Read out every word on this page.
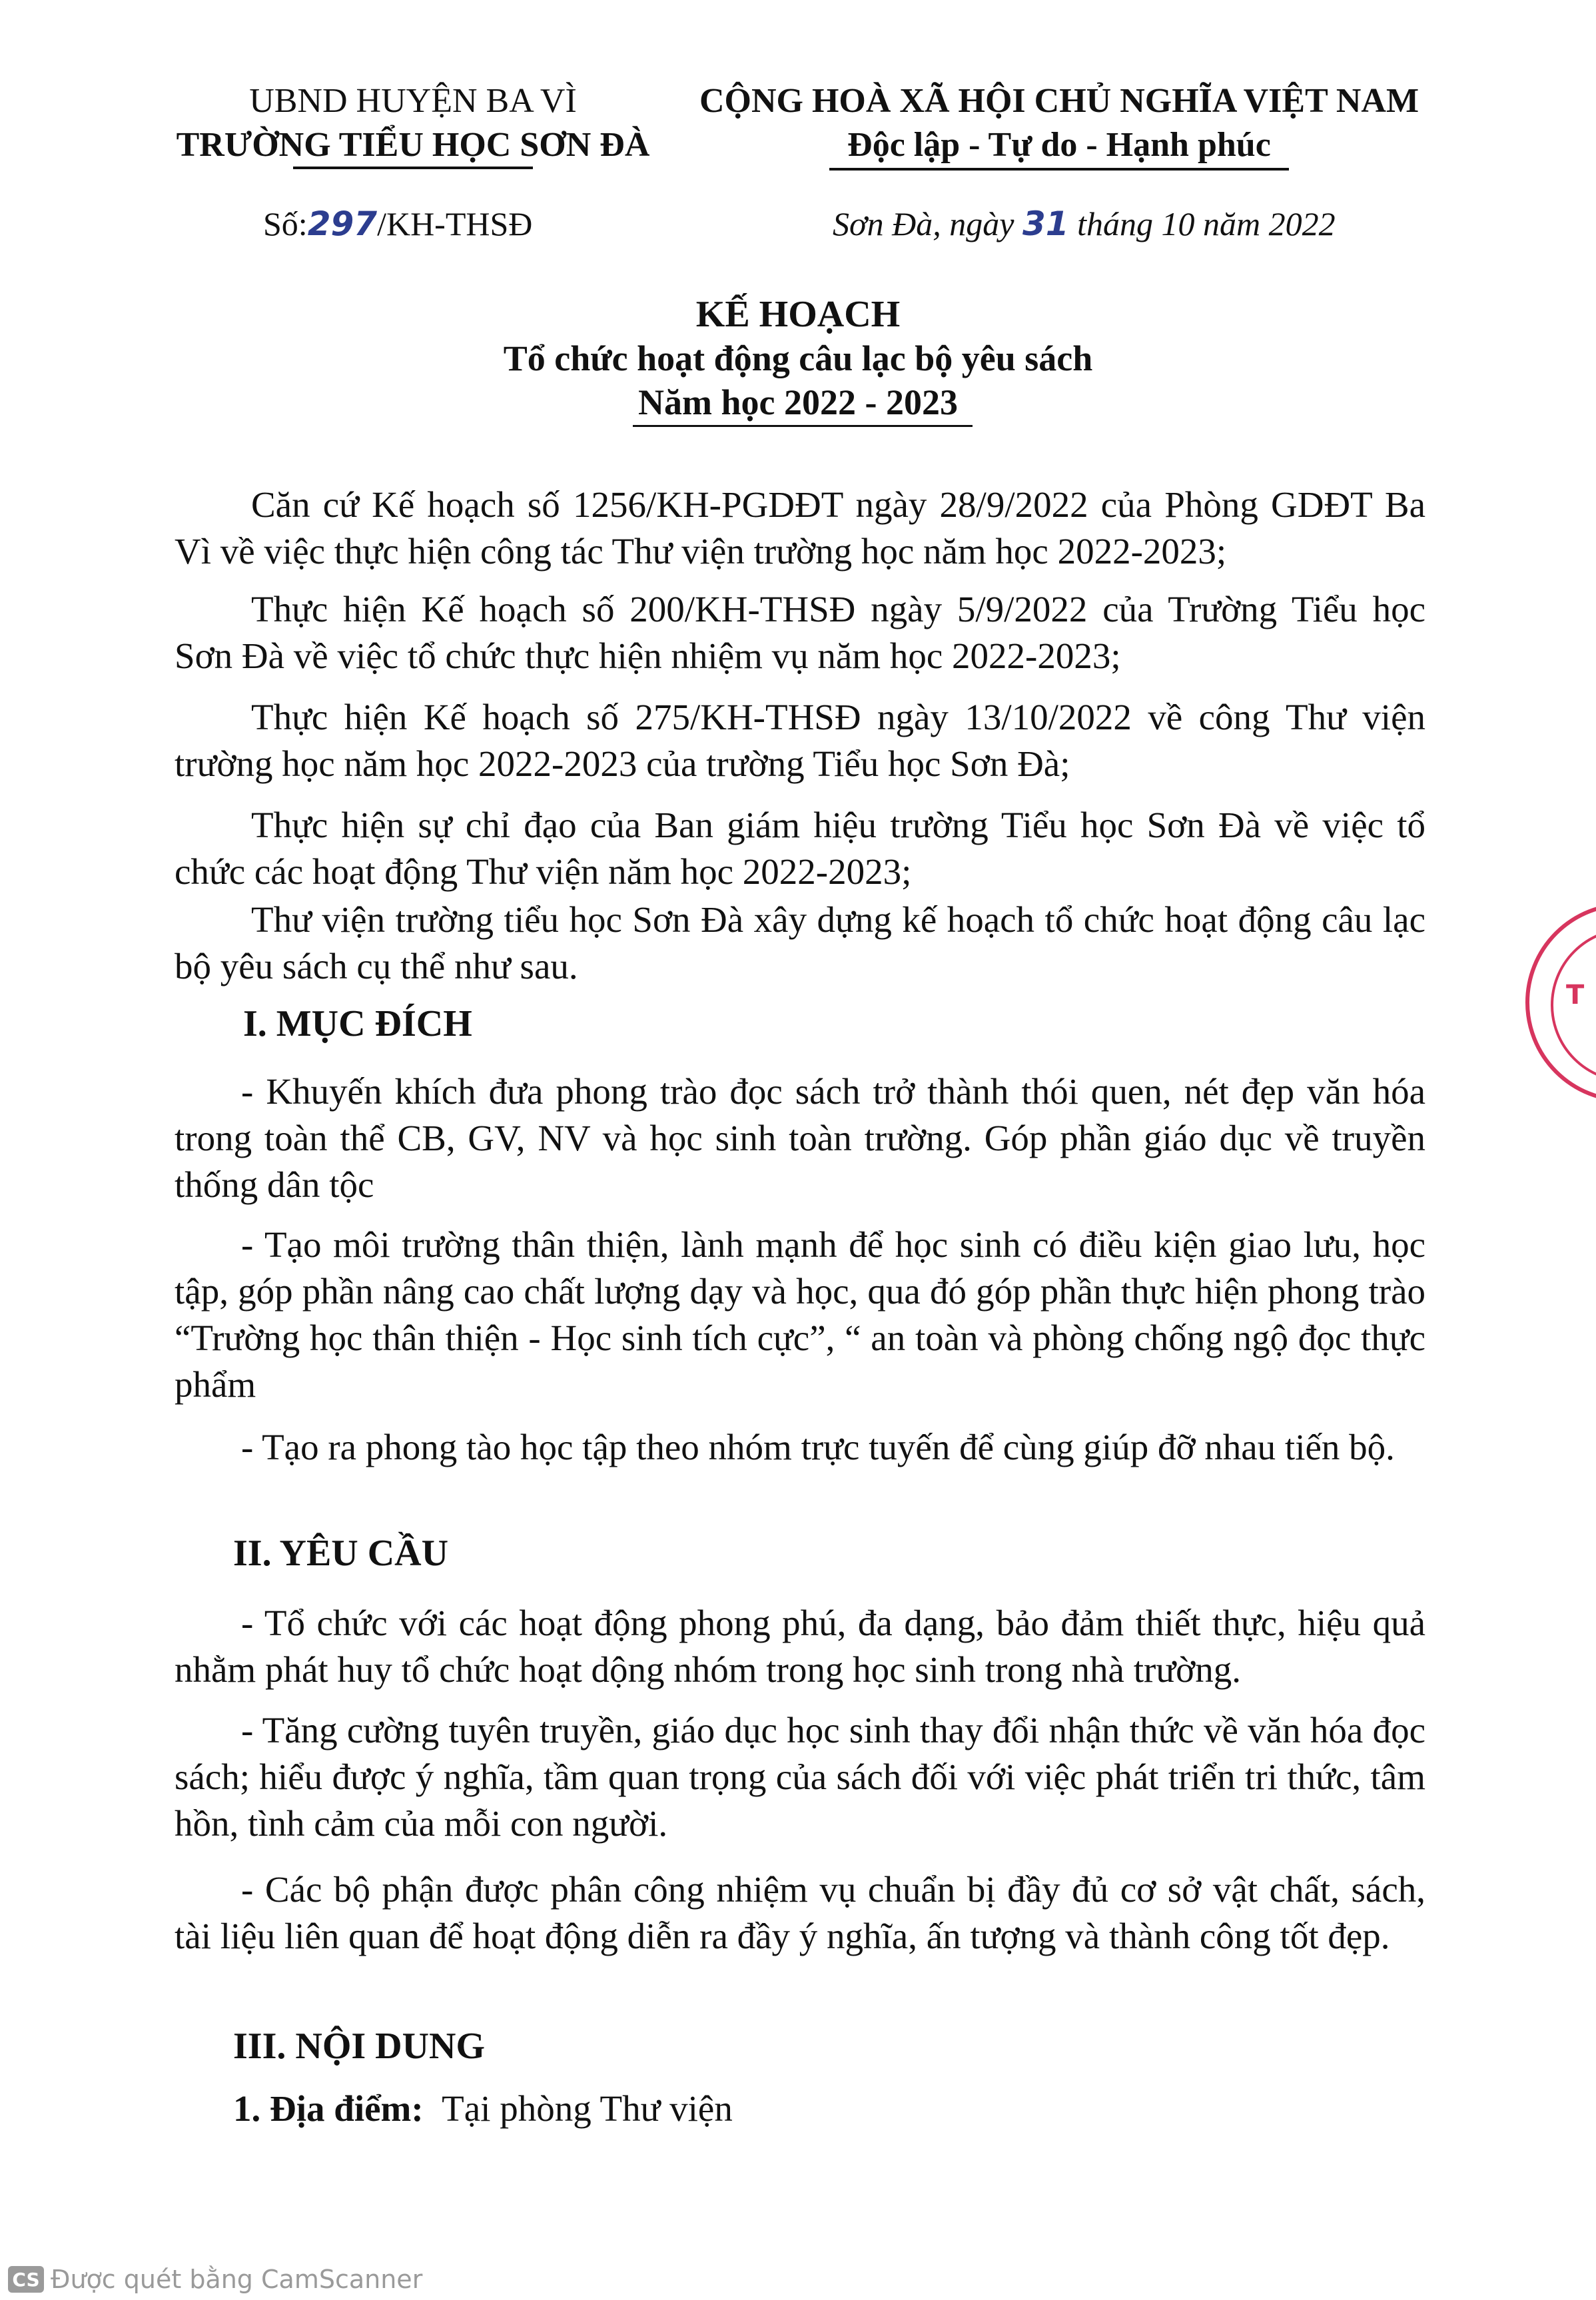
UBND HUYỆN BA VÌ
TRƯỜNG TIỂU HỌC SƠN ĐÀ
CỘNG HOÀ XÃ HỘI CHỦ NGHĨA VIỆT NAM
Độc lập - Tự do - Hạnh phúc
Số:297/KH-THSĐ	Sơn Đà, ngày 31 tháng 10 năm 2022
KẾ HOẠCH
Tổ chức hoạt động câu lạc bộ yêu sách
Năm học 2022 - 2023
Căn cứ Kế hoạch số 1256/KH-PGDĐT ngày 28/9/2022 của Phòng GDĐT Ba Vì về việc thực hiện công tác Thư viện trường học năm học 2022-2023;
Thực hiện Kế hoạch số 200/KH-THSĐ ngày 5/9/2022 của Trường Tiểu học Sơn Đà về việc tổ chức thực hiện nhiệm vụ năm học 2022-2023;
Thực hiện Kế hoạch số 275/KH-THSĐ ngày 13/10/2022 về công Thư viện trường học năm học 2022-2023 của trường Tiểu học Sơn Đà;
Thực hiện sự chỉ đạo của Ban giám hiệu trường Tiểu học Sơn Đà về việc tổ chức các hoạt động Thư viện năm học 2022-2023;
Thư viện trường tiểu học Sơn Đà xây dựng kế hoạch tổ chức hoạt động câu lạc bộ yêu sách cụ thể như sau.
I. MỤC ĐÍCH
- Khuyến khích đưa phong trào đọc sách trở thành thói quen, nét đẹp văn hóa trong toàn thể CB, GV, NV và học sinh toàn trường. Góp phần giáo dục về truyền thống dân tộc
- Tạo môi trường thân thiện, lành mạnh để học sinh có điều kiện giao lưu, học tập, góp phần nâng cao chất lượng dạy và học, qua đó góp phần thực hiện phong trào “Trường học thân thiện - Học sinh tích cực”, “ an toàn và phòng chống ngộ đọc thực phẩm
- Tạo ra phong tào học tập theo nhóm trực tuyến để cùng giúp đỡ nhau tiến bộ.
II. YÊU CẦU
- Tổ chức với các hoạt động phong phú, đa dạng, bảo đảm thiết thực, hiệu quả nhằm phát huy tổ chức hoạt dộng nhóm trong học sinh trong nhà trường.
- Tăng cường tuyên truyền, giáo dục học sinh thay đổi nhận thức về văn hóa đọc sách; hiểu được ý nghĩa, tầm quan trọng của sách đối với việc phát triển tri thức, tâm hồn, tình cảm của mỗi con người.
- Các bộ phận được phân công nhiệm vụ chuẩn bị đầy đủ cơ sở vật chất, sách, tài liệu liên quan để hoạt động diễn ra đầy ý nghĩa, ấn tượng và thành công tốt đẹp.
III. NỘI DUNG
1. Địa điểm: Tại phòng Thư viện
T
CS Được quét bằng CamScanner
